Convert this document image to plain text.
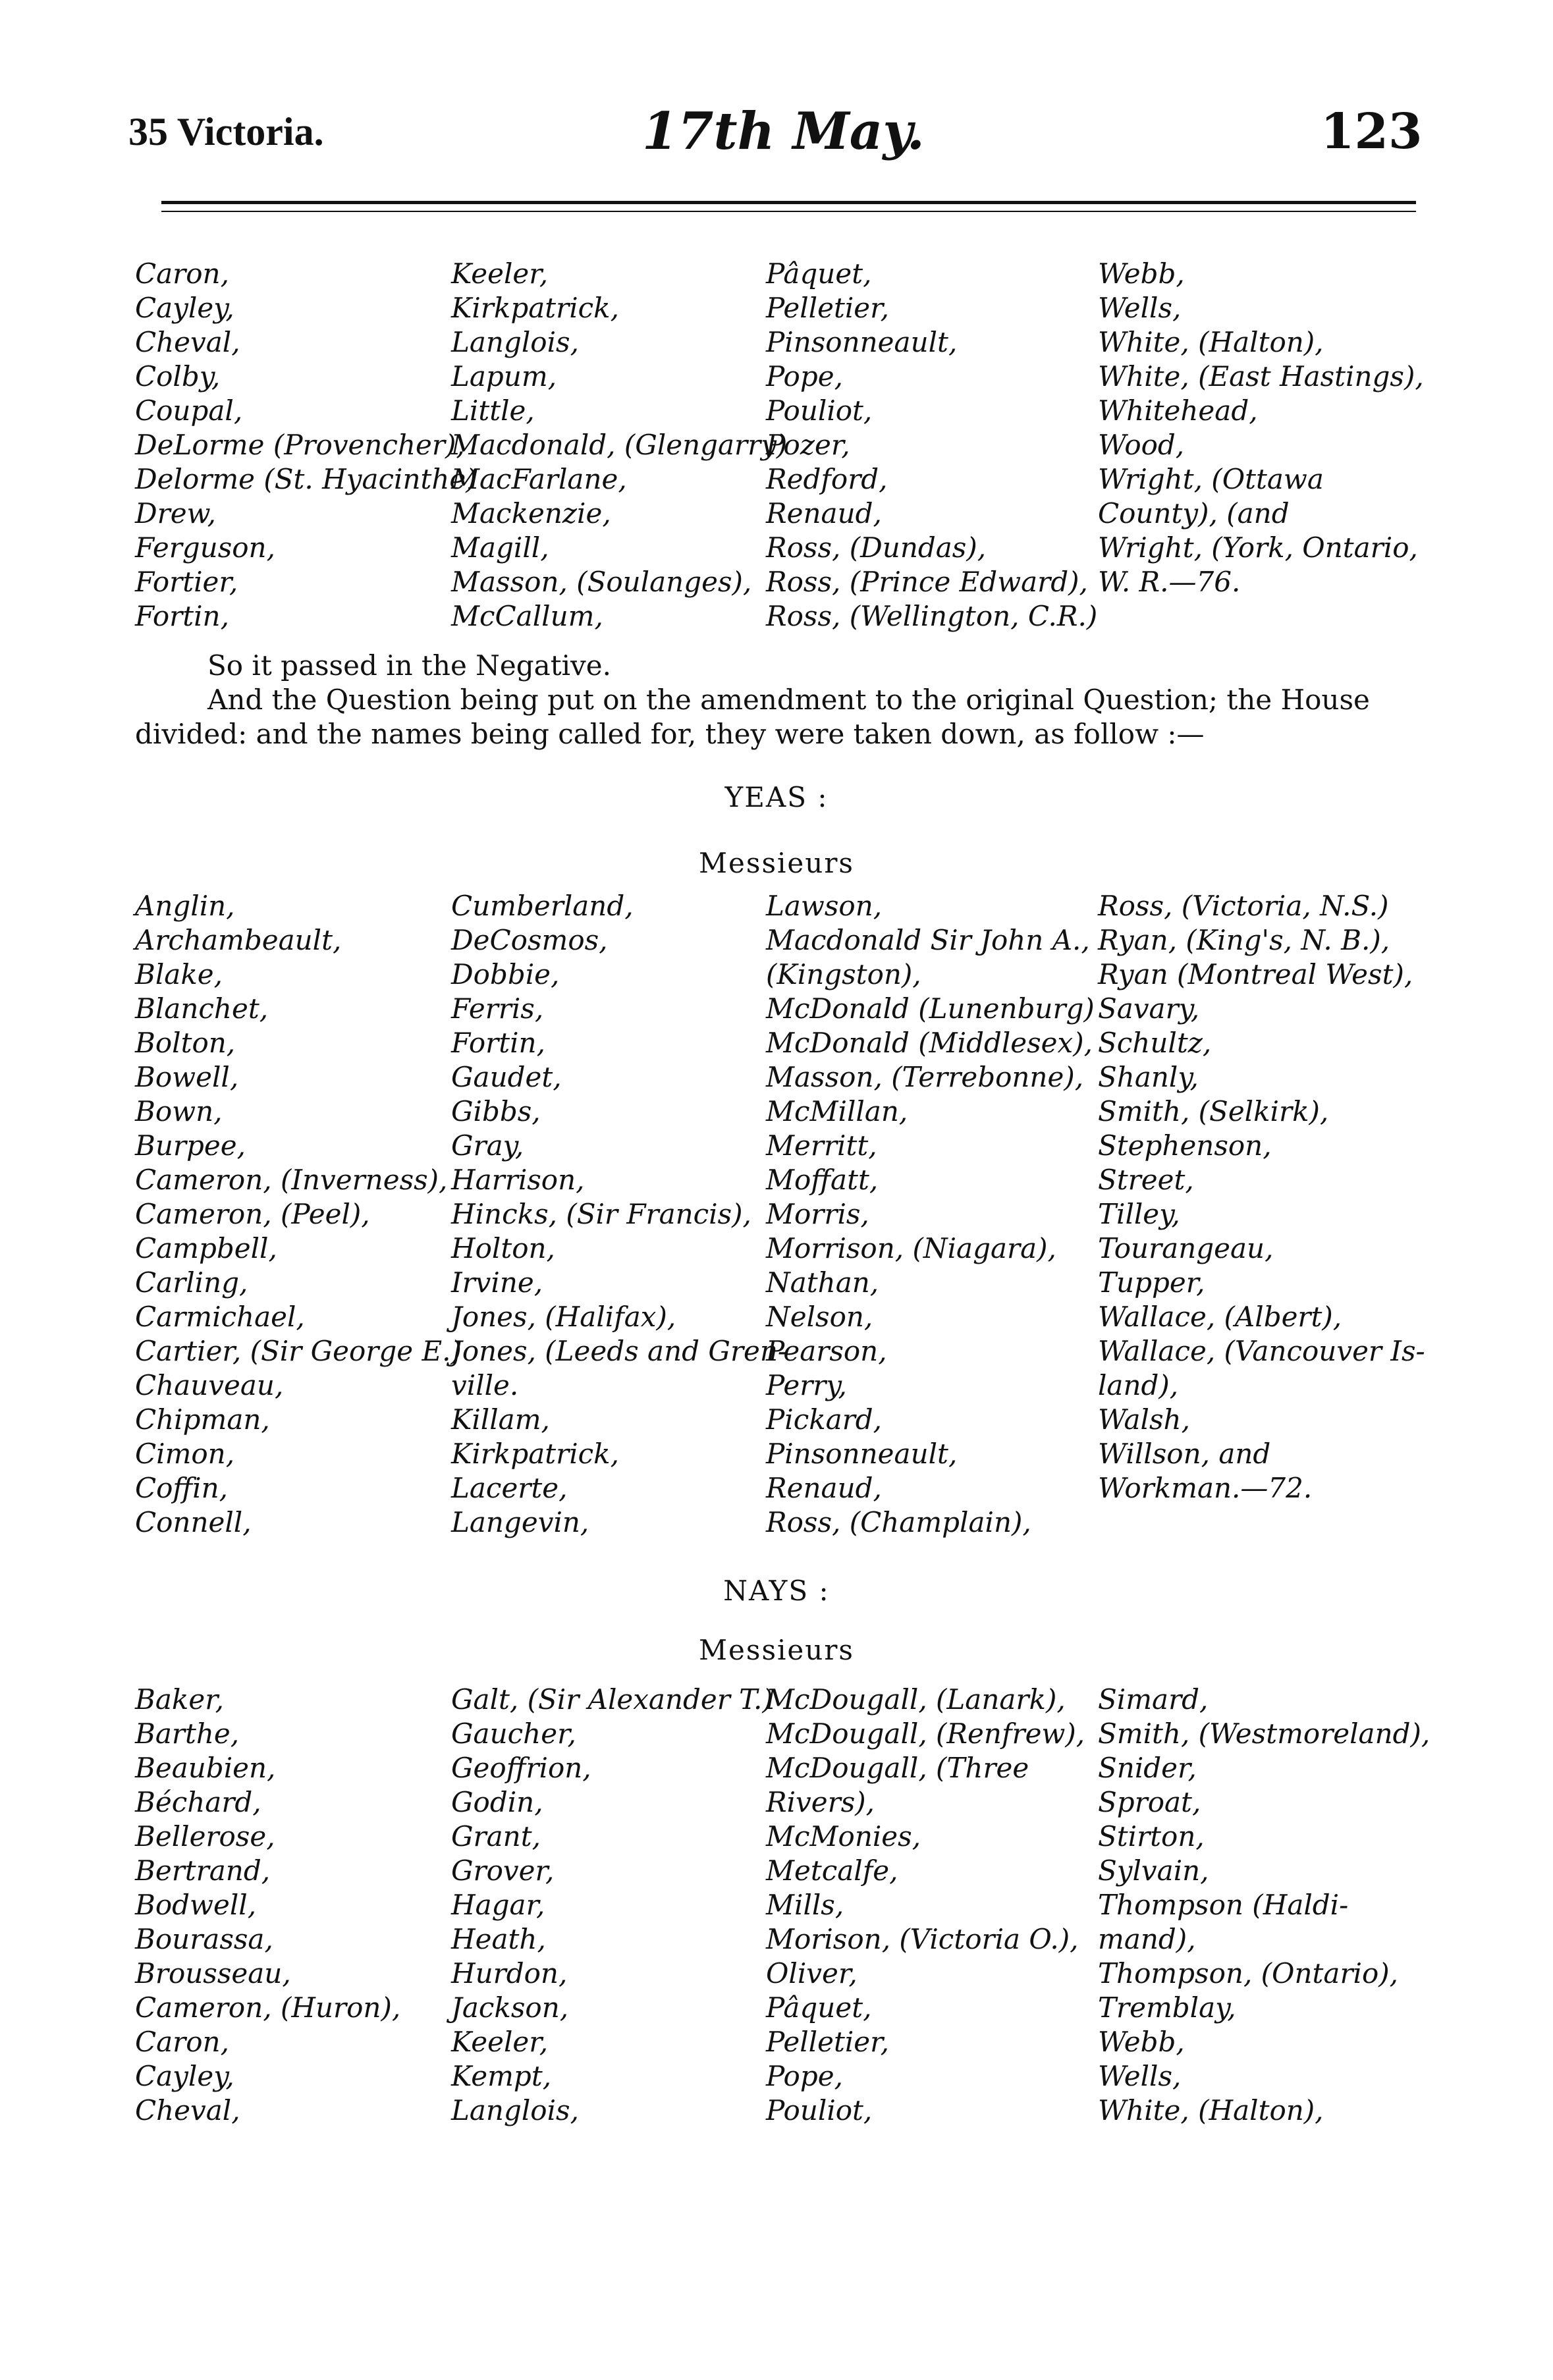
35 Victoria.	17th May.	123
Caron,
Cayley,
Cheval,
Colby,
Coupal,
DeLorme (Provencher),
Delorme (St. Hyacinthe)
Drew,
Ferguson,
Fortier,
Fortin,
Keeler,
Kirkpatrick,
Langlois,
Lapum,
Little,
Macdonald, (Glengarry)
MacFarlane,
Mackenzie,
Magill,
Masson, (Soulanges),
McCallum,
Pâquet,
Pelletier,
Pinsonneault,
Pope,
Pouliot,
Pozer,
Redford,
Renaud,
Ross, (Dundas),
Ross, (Prince Edward),
Ross, (Wellington, C.R.)
Webb,
Wells,
White, (Halton),
White, (East Hastings),
Whitehead,
Wood,
Wright, (Ottawa
County), (and
Wright, (York, Ontario,
W. R.—76.
So it passed in the Negative.
And the Question being put on the amendment to the original Question; the House divided: and the names being called for, they were taken down, as follow :—
YEAS :
Messieurs
Anglin,
Archambeault,
Blake,
Blanchet,
Bolton,
Bowell,
Bown,
Burpee,
Cameron, (Inverness),
Cameron, (Peel),
Campbell,
Carling,
Carmichael,
Cartier, (Sir George E.)
Chauveau,
Chipman,
Cimon,
Coffin,
Connell,
Cumberland,
DeCosmos,
Dobbie,
Ferris,
Fortin,
Gaudet,
Gibbs,
Gray,
Harrison,
Hincks, (Sir Francis),
Holton,
Irvine,
Jones, (Halifax),
Jones, (Leeds and Gren-
ville.
Killam,
Kirkpatrick,
Lacerte,
Langevin,
Lawson,
Macdonald Sir John A.,
(Kingston),
McDonald (Lunenburg)
McDonald (Middlesex),
Masson, (Terrebonne),
McMillan,
Merritt,
Moffatt,
Morris,
Morrison, (Niagara),
Nathan,
Nelson,
Pearson,
Perry,
Pickard,
Pinsonneault,
Renaud,
Ross, (Champlain),
Ross, (Victoria, N.S.)
Ryan, (King's, N. B.),
Ryan (Montreal West),
Savary,
Schultz,
Shanly,
Smith, (Selkirk),
Stephenson,
Street,
Tilley,
Tourangeau,
Tupper,
Wallace, (Albert),
Wallace, (Vancouver Is-
land),
Walsh,
Willson, and
Workman.—72.
NAYS :
Messieurs
Baker,
Barthe,
Beaubien,
Béchard,
Bellerose,
Bertrand,
Bodwell,
Bourassa,
Brousseau,
Cameron, (Huron),
Caron,
Cayley,
Cheval,
Galt, (Sir Alexander T.)
Gaucher,
Geoffrion,
Godin,
Grant,
Grover,
Hagar,
Heath,
Hurdon,
Jackson,
Keeler,
Kempt,
Langlois,
McDougall, (Lanark),
McDougall, (Renfrew),
McDougall, (Three
Rivers),
McMonies,
Metcalfe,
Mills,
Morison, (Victoria O.),
Oliver,
Pâquet,
Pelletier,
Pope,
Pouliot,
Simard,
Smith, (Westmoreland),
Snider,
Sproat,
Stirton,
Sylvain,
Thompson (Haldi-
mand),
Thompson, (Ontario),
Tremblay,
Webb,
Wells,
White, (Halton),
